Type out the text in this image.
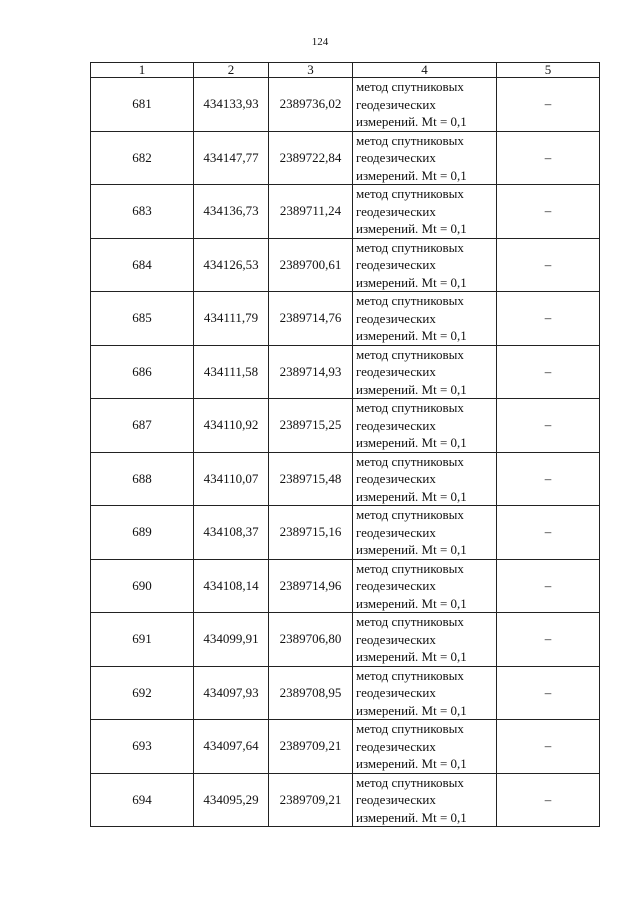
124
1	2	3	4	5
681	434133,93	2389736,02	метод спутниковых
геодезических
измерений. Mt = 0,1	–
682	434147,77	2389722,84	метод спутниковых
геодезических
измерений. Mt = 0,1	–
683	434136,73	2389711,24	метод спутниковых
геодезических
измерений. Mt = 0,1	–
684	434126,53	2389700,61	метод спутниковых
геодезических
измерений. Mt = 0,1	–
685	434111,79	2389714,76	метод спутниковых
геодезических
измерений. Mt = 0,1	–
686	434111,58	2389714,93	метод спутниковых
геодезических
измерений. Mt = 0,1	–
687	434110,92	2389715,25	метод спутниковых
геодезических
измерений. Mt = 0,1	–
688	434110,07	2389715,48	метод спутниковых
геодезических
измерений. Mt = 0,1	–
689	434108,37	2389715,16	метод спутниковых
геодезических
измерений. Mt = 0,1	–
690	434108,14	2389714,96	метод спутниковых
геодезических
измерений. Mt = 0,1	–
691	434099,91	2389706,80	метод спутниковых
геодезических
измерений. Mt = 0,1	–
692	434097,93	2389708,95	метод спутниковых
геодезических
измерений. Mt = 0,1	–
693	434097,64	2389709,21	метод спутниковых
геодезических
измерений. Mt = 0,1	–
694	434095,29	2389709,21	метод спутниковых
геодезических
измерений. Mt = 0,1	–
